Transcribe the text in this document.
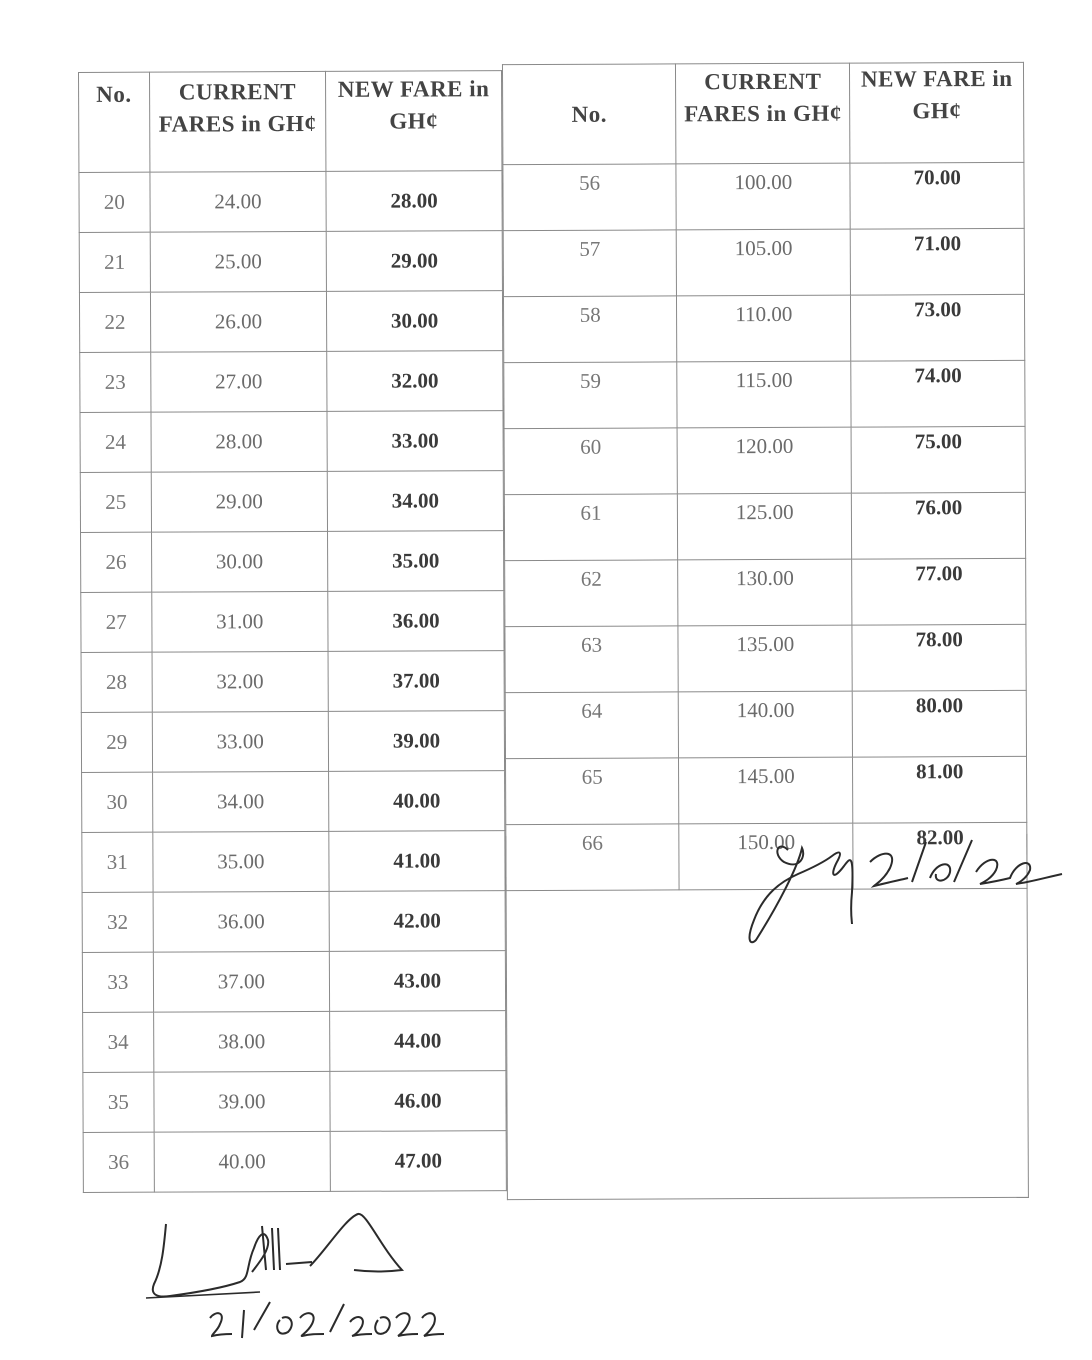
No.	CURRENT FARES in GH¢	NEW FARE in GH¢
20	24.00	28.00
21	25.00	29.00
22	26.00	30.00
23	27.00	32.00
24	28.00	33.00
25	29.00	34.00
26	30.00	35.00
27	31.00	36.00
28	32.00	37.00
29	33.00	39.00
30	34.00	40.00
31	35.00	41.00
32	36.00	42.00
33	37.00	43.00
34	38.00	44.00
35	39.00	46.00
36	40.00	47.00
No.	CURRENT FARES in GH¢	NEW FARE in GH¢
56	100.00	70.00
57	105.00	71.00
58	110.00	73.00
59	115.00	74.00
60	120.00	75.00
61	125.00	76.00
62	130.00	77.00
63	135.00	78.00
64	140.00	80.00
65	145.00	81.00
66	150.00	82.00
